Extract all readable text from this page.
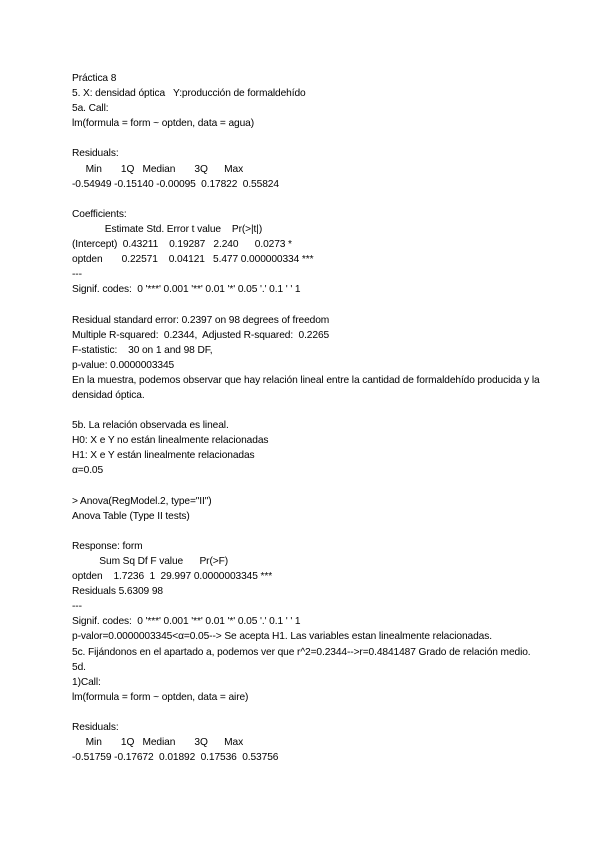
Práctica 8
5. X: densidad óptica   Y:producción de formaldehído
5a. Call:
lm(formula = form ~ optden, data = agua)
Residuals:
Min       1Q   Median       3Q      Max
-0.54949 -0.15140 -0.00095  0.17822  0.55824
Coefficients:
Estimate Std. Error t value    Pr(>|t|)
(Intercept)  0.43211    0.19287   2.240      0.0273 *
optden       0.22571    0.04121   5.477 0.000000334 ***
---
Signif. codes:  0 '***' 0.001 '**' 0.01 '*' 0.05 '.' 0.1 ' ' 1
Residual standard error: 0.2397 on 98 degrees of freedom
Multiple R-squared:  0.2344,  Adjusted R-squared:  0.2265
F-statistic:    30 on 1 and 98 DF,
p-value: 0.0000003345
En la muestra, podemos observar que hay relación lineal entre la cantidad de formaldehído producida y la densidad óptica.
5b. La relación observada es lineal.
H0: X e Y no están linealmente relacionadas
H1: X e Y están linealmente relacionadas
α=0.05
> Anova(RegModel.2, type="II")
Anova Table (Type II tests)
Response: form
Sum Sq Df F value      Pr(>F)
optden    1.7236  1  29.997 0.0000003345 ***
Residuals 5.6309 98
---
Signif. codes:  0 '***' 0.001 '**' 0.01 '*' 0.05 '.' 0.1 ' ' 1
p-valor=0.0000003345<α=0.05--> Se acepta H1. Las variables estan linealmente relacionadas.
5c. Fijándonos en el apartado a, podemos ver que r^2=0.2344-->r=0.4841487 Grado de relación medio.
5d.
1)Call:
lm(formula = form ~ optden, data = aire)
Residuals:
Min       1Q   Median       3Q      Max
-0.51759 -0.17672  0.01892  0.17536  0.53756
